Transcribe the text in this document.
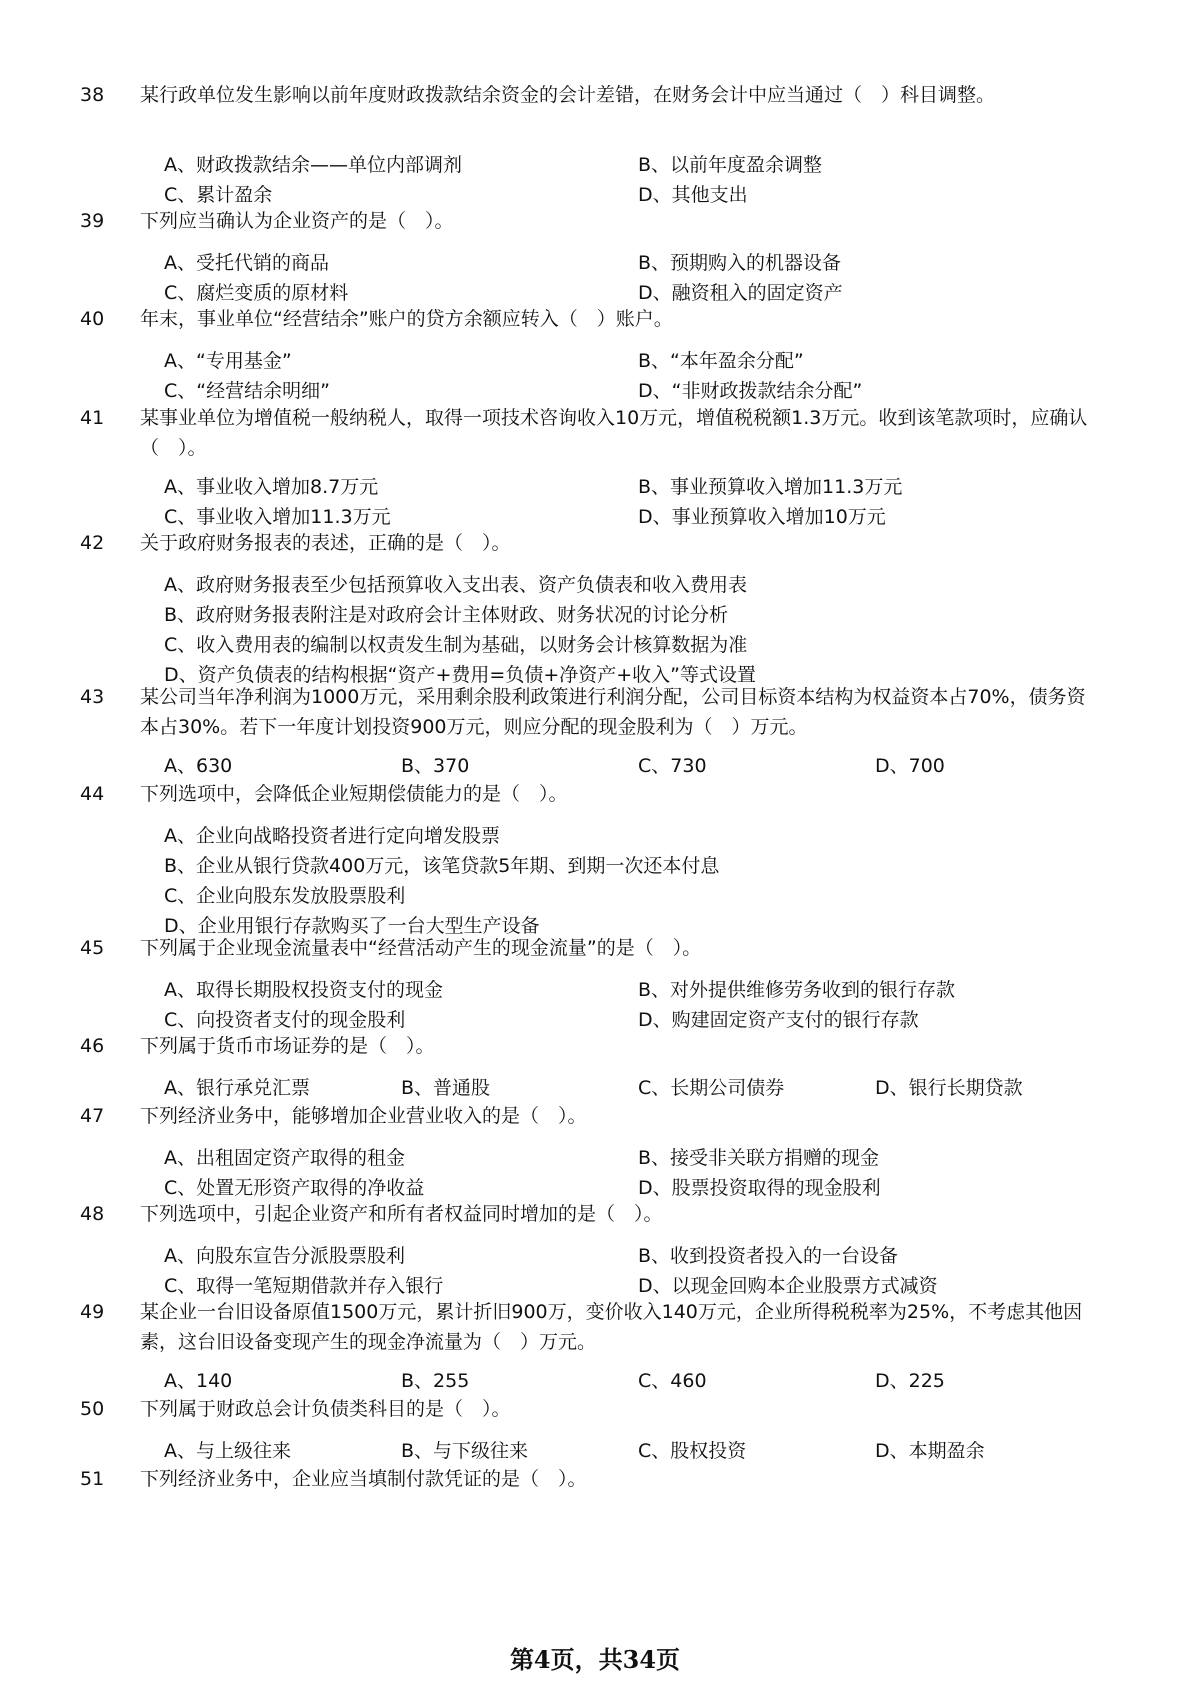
38	某行政单位发生影响以前年度财政拨款结余资金的会计差错，在财务会计中应当通过（　）科目调整。
A、财政拨款结余——单位内部调剂	B、以前年度盈余调整
C、累计盈余	D、其他支出
39	下列应当确认为企业资产的是（　）。
A、受托代销的商品	B、预期购入的机器设备
C、腐烂变质的原材料	D、融资租入的固定资产
40	年末，事业单位“经营结余”账户的贷方余额应转入（　）账户。
A、“专用基金”	B、“本年盈余分配”
C、“经营结余明细”	D、“非财政拨款结余分配”
41	某事业单位为增值税一般纳税人，取得一项技术咨询收入10万元，增值税税额1.3万元。收到该笔款项时，应确认（　）。
A、事业收入增加8.7万元	B、事业预算收入增加11.3万元
C、事业收入增加11.3万元	D、事业预算收入增加10万元
42	关于政府财务报表的表述，正确的是（　）。
A、政府财务报表至少包括预算收入支出表、资产负债表和收入费用表
B、政府财务报表附注是对政府会计主体财政、财务状况的讨论分析
C、收入费用表的编制以权责发生制为基础，以财务会计核算数据为准
D、资产负债表的结构根据“资产+费用=负债+净资产+收入”等式设置
43	某公司当年净利润为1000万元，采用剩余股利政策进行利润分配，公司目标资本结构为权益资本占70%，债务资本占30%。若下一年度计划投资900万元，则应分配的现金股利为（　）万元。
A、630	B、370	C、730	D、700
44	下列选项中，会降低企业短期偿债能力的是（　）。
A、企业向战略投资者进行定向增发股票
B、企业从银行贷款400万元，该笔贷款5年期、到期一次还本付息
C、企业向股东发放股票股利
D、企业用银行存款购买了一台大型生产设备
45	下列属于企业现金流量表中“经营活动产生的现金流量”的是（　）。
A、取得长期股权投资支付的现金	B、对外提供维修劳务收到的银行存款
C、向投资者支付的现金股利	D、购建固定资产支付的银行存款
46	下列属于货币市场证券的是（　）。
A、银行承兑汇票	B、普通股	C、长期公司债券	D、银行长期贷款
47	下列经济业务中，能够增加企业营业收入的是（　）。
A、出租固定资产取得的租金	B、接受非关联方捐赠的现金
C、处置无形资产取得的净收益	D、股票投资取得的现金股利
48	下列选项中，引起企业资产和所有者权益同时增加的是（　）。
A、向股东宣告分派股票股利	B、收到投资者投入的一台设备
C、取得一笔短期借款并存入银行	D、以现金回购本企业股票方式减资
49	某企业一台旧设备原值1500万元，累计折旧900万，变价收入140万元，企业所得税税率为25%，不考虑其他因素，这台旧设备变现产生的现金净流量为（　）万元。
A、140	B、255	C、460	D、225
50	下列属于财政总会计负债类科目的是（　）。
A、与上级往来	B、与下级往来	C、股权投资	D、本期盈余
51	下列经济业务中，企业应当填制付款凭证的是（　）。
第4页，共34页
